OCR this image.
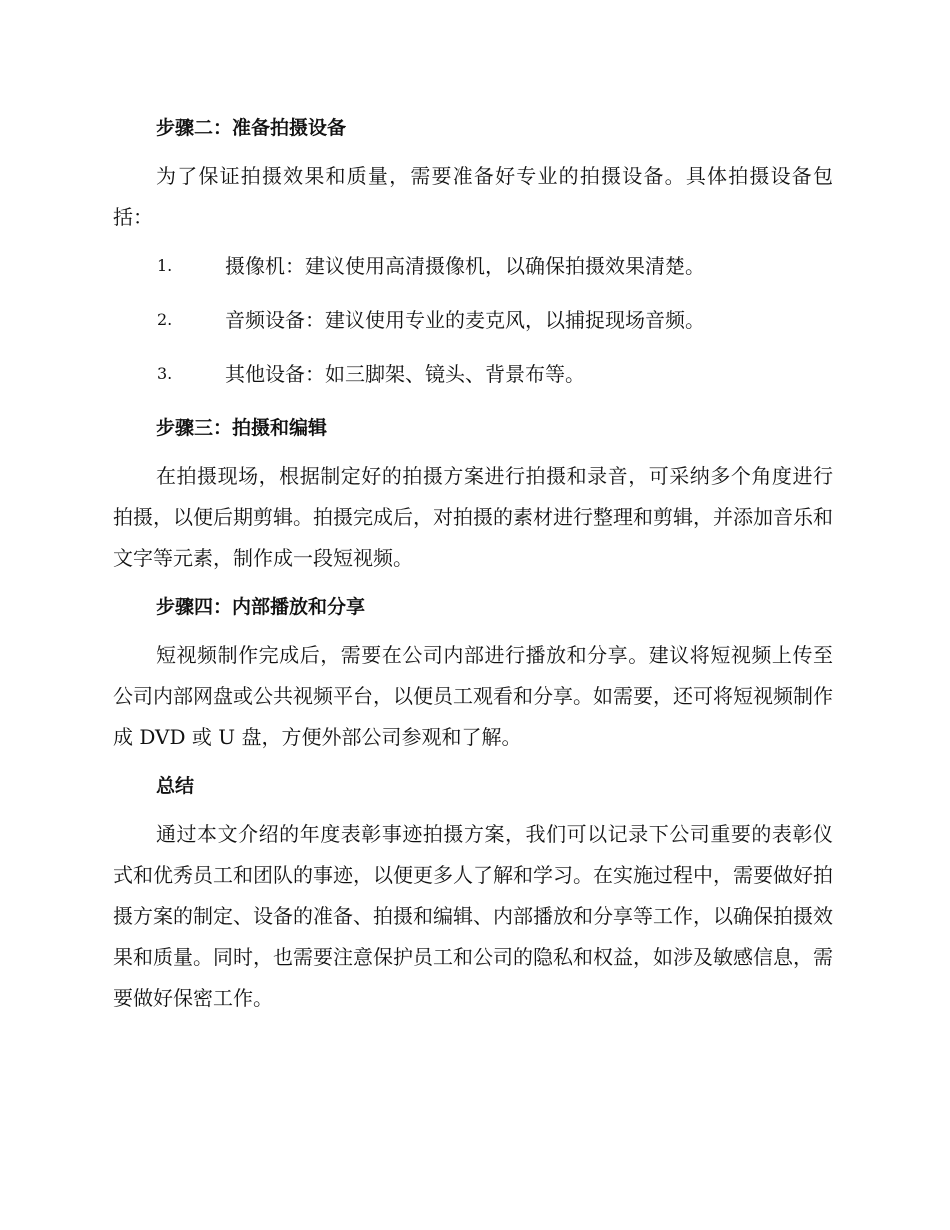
步骤二：准备拍摄设备

为了保证拍摄效果和质量，需要准备好专业的拍摄设备。具体拍摄设备包括：

1.	摄像机：建议使用高清摄像机，以确保拍摄效果清楚。
2.	音频设备：建议使用专业的麦克风，以捕捉现场音频。
3.	其他设备：如三脚架、镜头、背景布等。
步骤三：拍摄和编辑

在拍摄现场，根据制定好的拍摄方案进行拍摄和录音，可采纳多个角度进行拍摄，以便后期剪辑。拍摄完成后，对拍摄的素材进行整理和剪辑，并添加音乐和文字等元素，制作成一段短视频。

步骤四：内部播放和分享

短视频制作完成后，需要在公司内部进行播放和分享。建议将短视频上传至公司内部网盘或公共视频平台，以便员工观看和分享。如需要，还可将短视频制作成 DVD 或 U 盘，方便外部公司参观和了解。

总结

通过本文介绍的年度表彰事迹拍摄方案，我们可以记录下公司重要的表彰仪式和优秀员工和团队的事迹，以便更多人了解和学习。在实施过程中，需要做好拍摄方案的制定、设备的准备、拍摄和编辑、内部播放和分享等工作，以确保拍摄效果和质量。同时，也需要注意保护员工和公司的隐私和权益，如涉及敏感信息，需要做好保密工作。
